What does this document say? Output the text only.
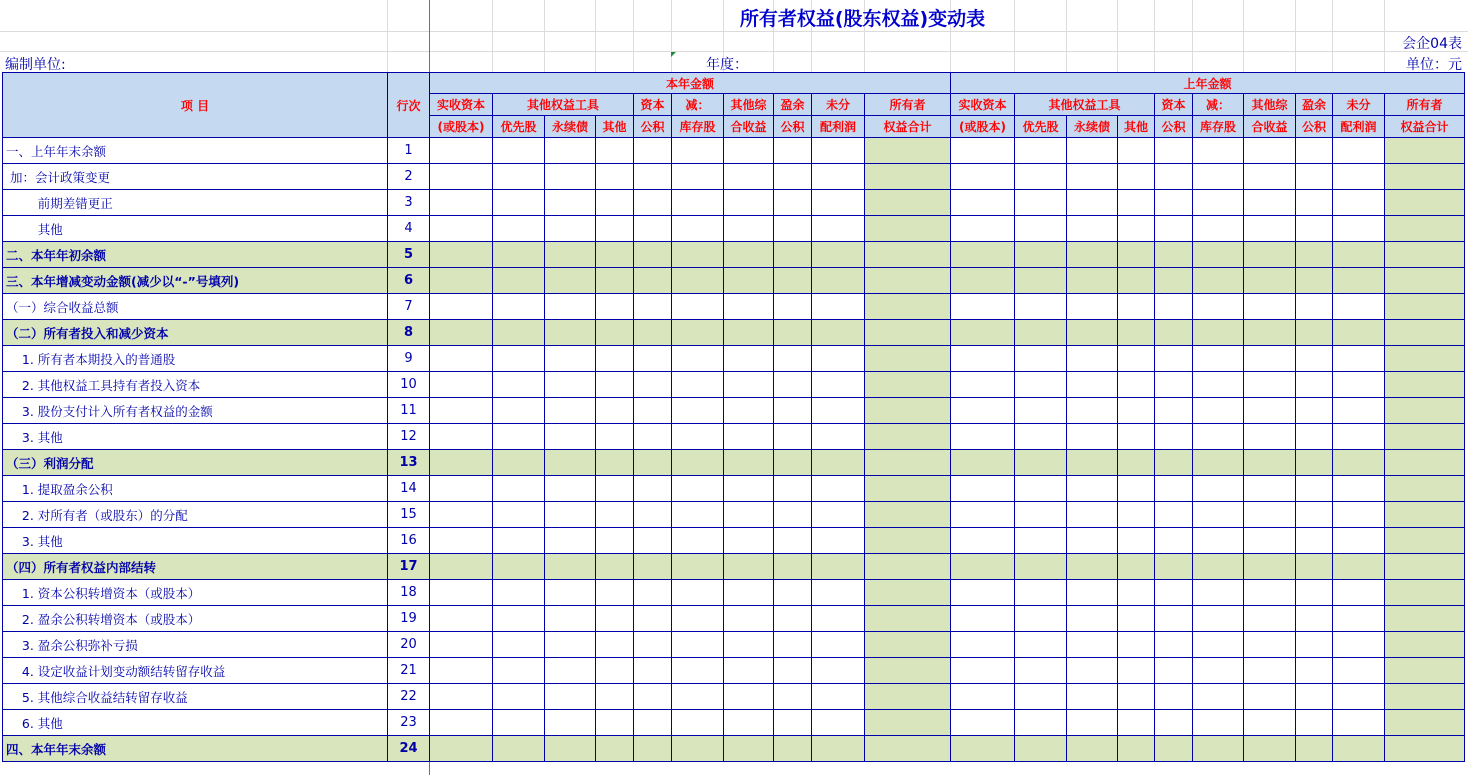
所有者权益(股东权益)变动表
会企04表
编制单位:	年度：	单位：元
项 目	行次	本年金额										上年金额									
		实收资本	其他权益工具			资本	减：	其他综	盈余	未分	所有者	实收资本	其他权益工具			资本	减：	其他综	盈余	未分	所有者
		(或股本)	优先股	永续债	其他	公积	库存股	合收益	公积	配利润	权益合计	(或股本)	优先股	永续债	其他	公积	库存股	合收益	公积	配利润	权益合计
一、上年年末余额	1																				
加：会计政策变更	2																				
前期差错更正	3																				
其他	4																				
二、本年年初余额	5																				
三、本年增减变动金额(减少以“-”号填列)	6																				
（一）综合收益总额	7																				
（二）所有者投入和减少资本	8																				
1. 所有者本期投入的普通股	9																				
2. 其他权益工具持有者投入资本	10																				
3. 股份支付计入所有者权益的金额	11																				
3. 其他	12																				
（三）利润分配	13																				
1. 提取盈余公积	14																				
2. 对所有者（或股东）的分配	15																				
3. 其他	16																				
（四）所有者权益内部结转	17																				
1. 资本公积转增资本（或股本）	18																				
2. 盈余公积转增资本（或股本）	19																				
3. 盈余公积弥补亏损	20																				
4. 设定收益计划变动额结转留存收益	21																				
5. 其他综合收益结转留存收益	22																				
6. 其他	23																				
四、本年年末余额	24																				
